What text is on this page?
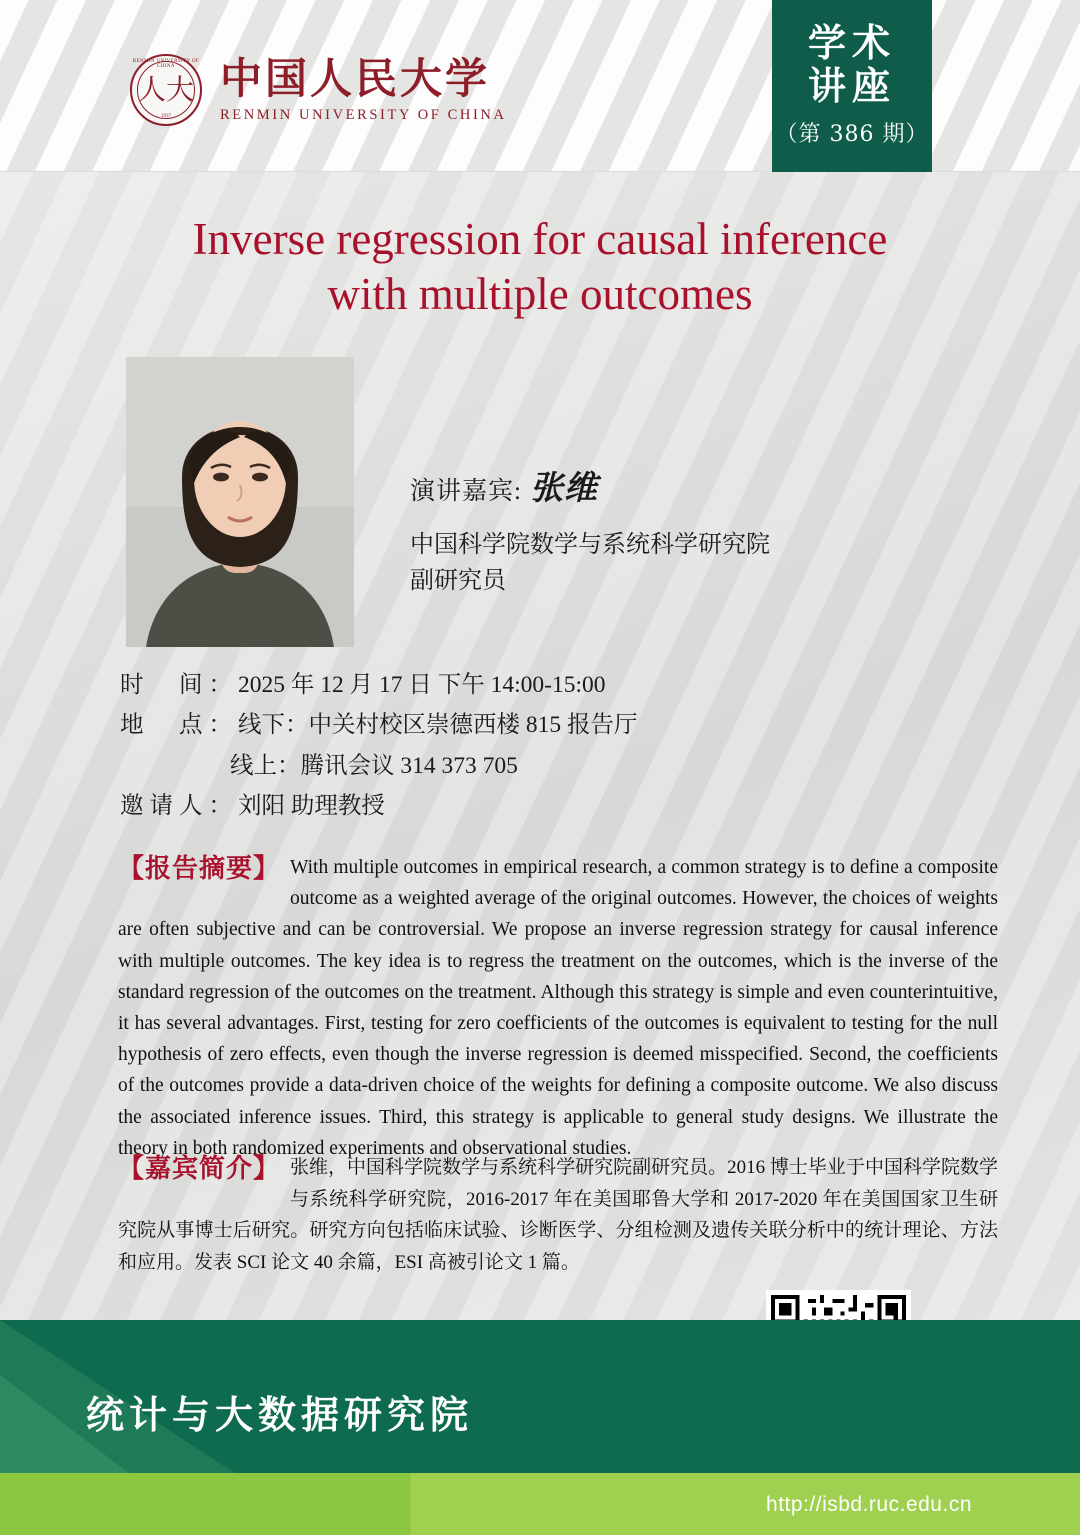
RENMIN UNIVERSITY OF CHINA
人大
1937
中国人民大学
RENMIN UNIVERSITY OF CHINA
学术
讲座
（第 386 期）
Inverse regression for causal inference
with multiple outcomes
演讲嘉宾: 张维
中国科学院数学与系统科学研究院
副研究员
时　间：2025 年 12 月 17 日 下午 14:00-15:00
地　点：线下：中关村校区崇德西楼 815 报告厅
线上：腾讯会议 314 373 705
邀请人：刘阳 助理教授
【报告摘要】 With multiple outcomes in empirical research, a common strategy is to define a composite outcome as a weighted average of the original outcomes. However, the choices of weights are often subjective and can be controversial. We propose an inverse regression strategy for causal inference with multiple outcomes. The key idea is to regress the treatment on the outcomes, which is the inverse of the standard regression of the outcomes on the treatment. Although this strategy is simple and even counterintuitive, it has several advantages. First, testing for zero coefficients of the outcomes is equivalent to testing for the null hypothesis of zero effects, even though the inverse regression is deemed misspecified. Second, the coefficients of the outcomes provide a data-driven choice of the weights for defining a composite outcome. We also discuss the associated inference issues. Third, this strategy is applicable to general study designs. We illustrate the theory in both randomized experiments and observational studies.
【嘉宾简介】 张维，中国科学院数学与系统科学研究院副研究员。2016 博士毕业于中国科学院数学与系统科学研究院，2016-2017 年在美国耶鲁大学和 2017-2020 年在美国国家卫生研究院从事博士后研究。研究方向包括临床试验、诊断医学、分组检测及遗传关联分析中的统计理论、方法和应用。发表 SCI 论文 40 余篇，ESI 高被引论文 1 篇。
统计与大数据研究院
http://isbd.ruc.edu.cn
